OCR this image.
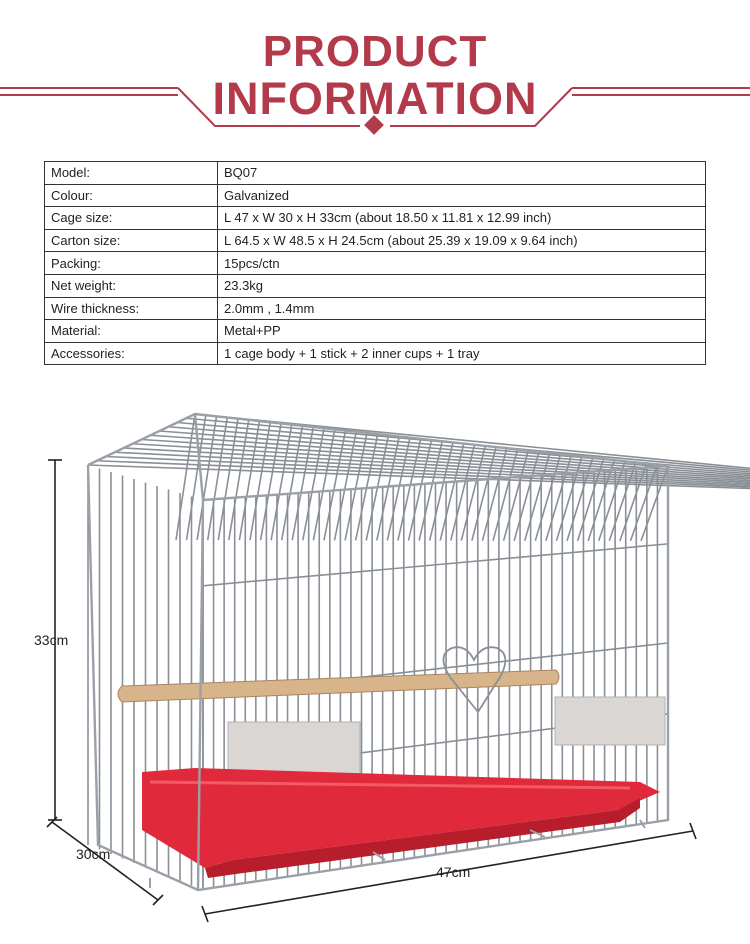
PRODUCT
INFORMATION
Model:	BQ07
Colour:	Galvanized
Cage size:	L 47 x W 30 x H 33cm (about 18.50 x 11.81 x 12.99 inch)
Carton size:	L 64.5 x W 48.5 x H 24.5cm (about 25.39 x 19.09 x 9.64 inch)
Packing:	15pcs/ctn
Net weight:	23.3kg
Wire thickness:	2.0mm , 1.4mm
Material:	Metal+PP
Accessories:	1 cage body + 1 stick + 2 inner cups + 1 tray
33cm
30cm
47cm
